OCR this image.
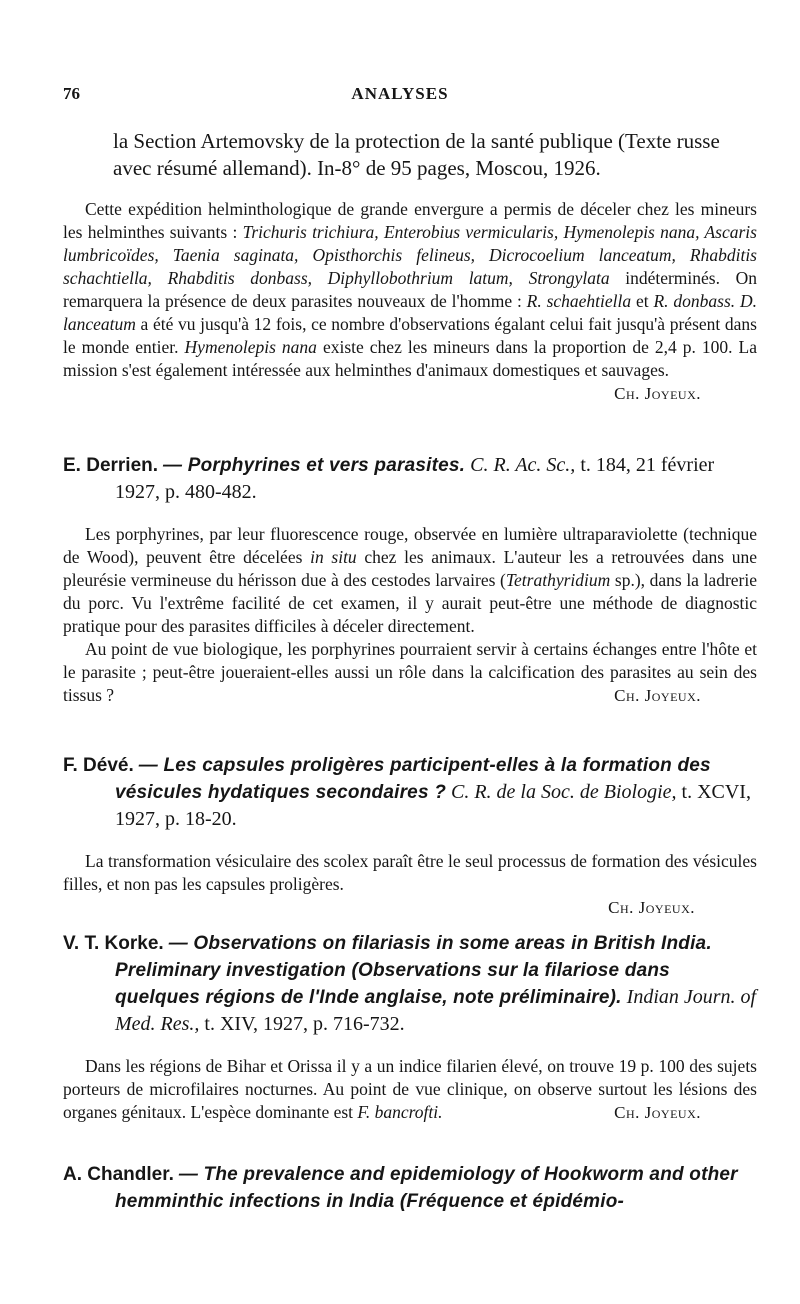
76	ANALYSES
la Section Artemovsky de la protection de la santé publique (Texte russe avec résumé allemand). In-8° de 95 pages, Moscou, 1926.

Cette expédition helminthologique de grande envergure a permis de déceler chez les mineurs les helminthes suivants : Trichuris trichiura, Enterobius vermicularis, Hymenolepis nana, Ascaris lumbricoïdes, Taenia saginata, Opisthorchis felineus, Dicrocoelium lanceatum, Rhabditis schachtiella, Rhabditis donbass, Diphyllobothrium latum, Strongylata indéterminés. On remarquera la présence de deux parasites nouveaux de l'homme : R. schaehtiella et R. donbass. D. lanceatum a été vu jusqu'à 12 fois, ce nombre d'observations égalant celui fait jusqu'à présent dans le monde entier. Hymenolepis nana existe chez les mineurs dans la proportion de 2,4 p. 100. La mission s'est également intéressée aux helminthes d'animaux domestiques et sauvages.
Ch. Joyeux.

E. Derrien. — Porphyrines et vers parasites. C. R. Ac. Sc., t. 184, 21 février 1927, p. 480-482.

Les porphyrines, par leur fluorescence rouge, observée en lumière ultraparaviolette (technique de Wood), peuvent être décelées in situ chez les animaux. L'auteur les a retrouvées dans une pleurésie vermineuse du hérisson due à des cestodes larvaires (Tetrathyridium sp.), dans la ladrerie du porc. Vu l'extrême facilité de cet examen, il y aurait peut-être une méthode de diagnostic pratique pour des parasites difficiles à déceler directement.

Au point de vue biologique, les porphyrines pourraient servir à certains échanges entre l'hôte et le parasite ; peut-être joueraient-elles aussi un rôle dans la calcification des parasites au sein des tissus ?	Ch. Joyeux.

F. Dévé. — Les capsules proligères participent-elles à la formation des vésicules hydatiques secondaires ? C. R. de la Soc. de Biologie, t. XCVI, 1927, p. 18-20.

La transformation vésiculaire des scolex paraît être le seul processus de formation des vésicules filles, et non pas les capsules proligères.

Ch. Joyeux.
V. T. Korke. — Observations on filariasis in some areas in British India. Preliminary investigation (Observations sur la filariose dans quelques régions de l'Inde anglaise, note préliminaire). Indian Journ. of Med. Res., t. XIV, 1927, p. 716-732.

Dans les régions de Bihar et Orissa il y a un indice filarien élevé, on trouve 19 p. 100 des sujets porteurs de microfilaires nocturnes. Au point de vue clinique, on observe surtout les lésions des organes génitaux. L'espèce dominante est F. bancrofti.	Ch. Joyeux.

A. Chandler. — The prevalence and epidemiology of Hookworm and other hemminthic infections in India (Fréquence et épidémio-
